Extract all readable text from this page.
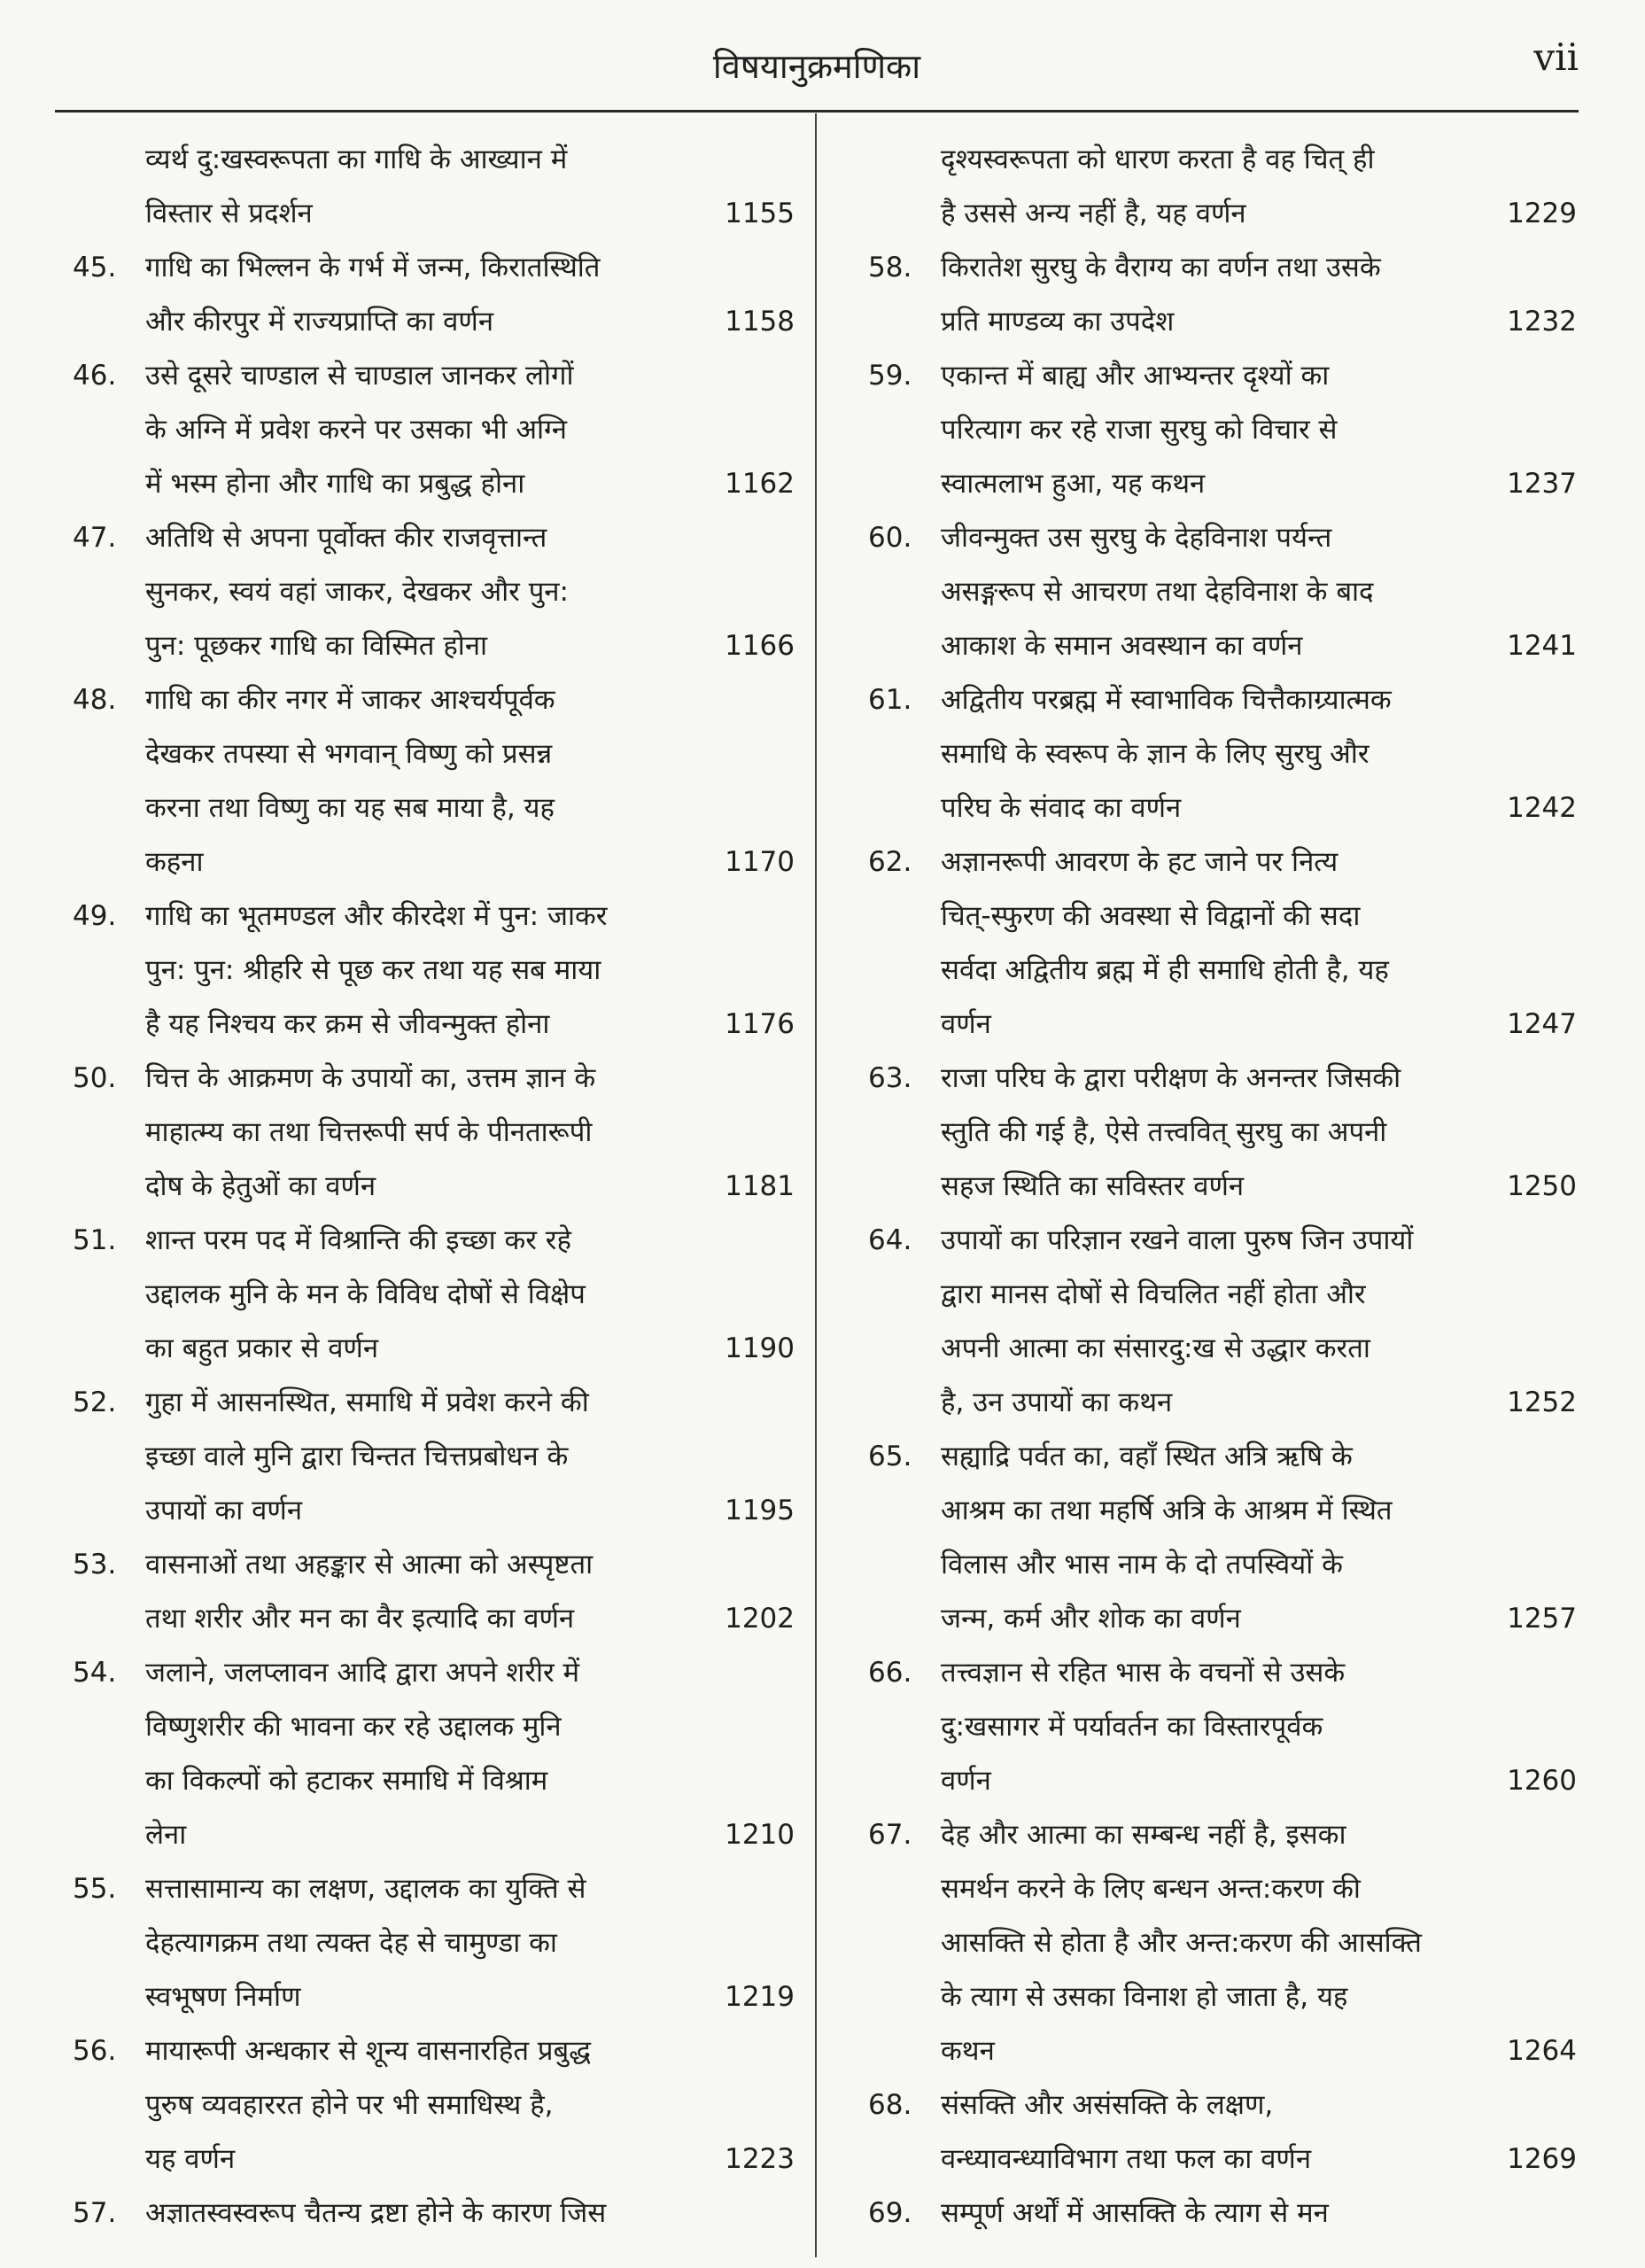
विषयानुक्रमणिका	vii
व्यर्थ दु:खस्वरूपता का गाधि के आख्यान में
विस्तार से प्रदर्शन	1155
45. गाधि का भिल्लन के गर्भ में जन्म, किरातस्थिति
और कीरपुर में राज्यप्राप्ति का वर्णन	1158
46. उसे दूसरे चाण्डाल से चाण्डाल जानकर लोगों
के अग्नि में प्रवेश करने पर उसका भी अग्नि
में भस्म होना और गाधि का प्रबुद्ध होना	1162
47. अतिथि से अपना पूर्वोक्त कीर राजवृत्तान्त
सुनकर, स्वयं वहां जाकर, देखकर और पुन:
पुन: पूछकर गाधि का विस्मित होना	1166
48. गाधि का कीर नगर में जाकर आश्चर्यपूर्वक
देखकर तपस्या से भगवान् विष्णु को प्रसन्न
करना तथा विष्णु का यह सब माया है, यह
कहना	1170
49. गाधि का भूतमण्डल और कीरदेश में पुन: जाकर
पुन: पुन: श्रीहरि से पूछ कर तथा यह सब माया
है यह निश्चय कर क्रम से जीवन्मुक्त होना	1176
50. चित्त के आक्रमण के उपायों का, उत्तम ज्ञान के
माहात्म्य का तथा चित्तरूपी सर्प के पीनतारूपी
दोष के हेतुओं का वर्णन	1181
51. शान्त परम पद में विश्रान्ति की इच्छा कर रहे
उद्दालक मुनि के मन के विविध दोषों से विक्षेप
का बहुत प्रकार से वर्णन	1190
52. गुहा में आसनस्थित, समाधि में प्रवेश करने की
इच्छा वाले मुनि द्वारा चिन्तत चित्तप्रबोधन के
उपायों का वर्णन	1195
53. वासनाओं तथा अहङ्कार से आत्मा को अस्पृष्टता
तथा शरीर और मन का वैर इत्यादि का वर्णन	1202
54. जलाने, जलप्लावन आदि द्वारा अपने शरीर में
विष्णुशरीर की भावना कर रहे उद्दालक मुनि
का विकल्पों को हटाकर समाधि में विश्राम
लेना	1210
55. सत्तासामान्य का लक्षण, उद्दालक का युक्ति से
देहत्यागक्रम तथा त्यक्त देह से चामुण्डा का
स्वभूषण निर्माण	1219
56. मायारूपी अन्धकार से शून्य वासनारहित प्रबुद्ध
पुरुष व्यवहाररत होने पर भी समाधिस्थ है,
यह वर्णन	1223
57. अज्ञातस्वस्वरूप चैतन्य द्रष्टा होने के कारण जिस
दृश्यस्वरूपता को धारण करता है वह चित् ही
है उससे अन्य नहीं है, यह वर्णन	1229
58. किरातेश सुरघु के वैराग्य का वर्णन तथा उसके
प्रति माण्डव्य का उपदेश	1232
59. एकान्त में बाह्य और आभ्यन्तर दृश्यों का
परित्याग कर रहे राजा सुरघु को विचार से
स्वात्मलाभ हुआ, यह कथन	1237
60. जीवन्मुक्त उस सुरघु के देहविनाश पर्यन्त
असङ्गरूप से आचरण तथा देहविनाश के बाद
आकाश के समान अवस्थान का वर्णन	1241
61. अद्वितीय परब्रह्म में स्वाभाविक चित्तैकाग्र्यात्मक
समाधि के स्वरूप के ज्ञान के लिए सुरघु और
परिघ के संवाद का वर्णन	1242
62. अज्ञानरूपी आवरण के हट जाने पर नित्य
चित्-स्फुरण की अवस्था से विद्वानों की सदा
सर्वदा अद्वितीय ब्रह्म में ही समाधि होती है, यह
वर्णन	1247
63. राजा परिघ के द्वारा परीक्षण के अनन्तर जिसकी
स्तुति की गई है, ऐसे तत्त्ववित् सुरघु का अपनी
सहज स्थिति का सविस्तर वर्णन	1250
64. उपायों का परिज्ञान रखने वाला पुरुष जिन उपायों
द्वारा मानस दोषों से विचलित नहीं होता और
अपनी आत्मा का संसारदु:ख से उद्धार करता
है, उन उपायों का कथन	1252
65. सह्याद्रि पर्वत का, वहाँ स्थित अत्रि ऋषि के
आश्रम का तथा महर्षि अत्रि के आश्रम में स्थित
विलास और भास नाम के दो तपस्वियों के
जन्म, कर्म और शोक का वर्णन	1257
66. तत्त्वज्ञान से रहित भास के वचनों से उसके
दु:खसागर में पर्यावर्तन का विस्तारपूर्वक
वर्णन	1260
67. देह और आत्मा का सम्बन्ध नहीं है, इसका
समर्थन करने के लिए बन्धन अन्त:करण की
आसक्ति से होता है और अन्त:करण की आसक्ति
के त्याग से उसका विनाश हो जाता है, यह
कथन	1264
68. संसक्ति और असंसक्ति के लक्षण,
वन्ध्यावन्ध्याविभाग तथा फल का वर्णन	1269
69. सम्पूर्ण अर्थों में आसक्ति के त्याग से मन
